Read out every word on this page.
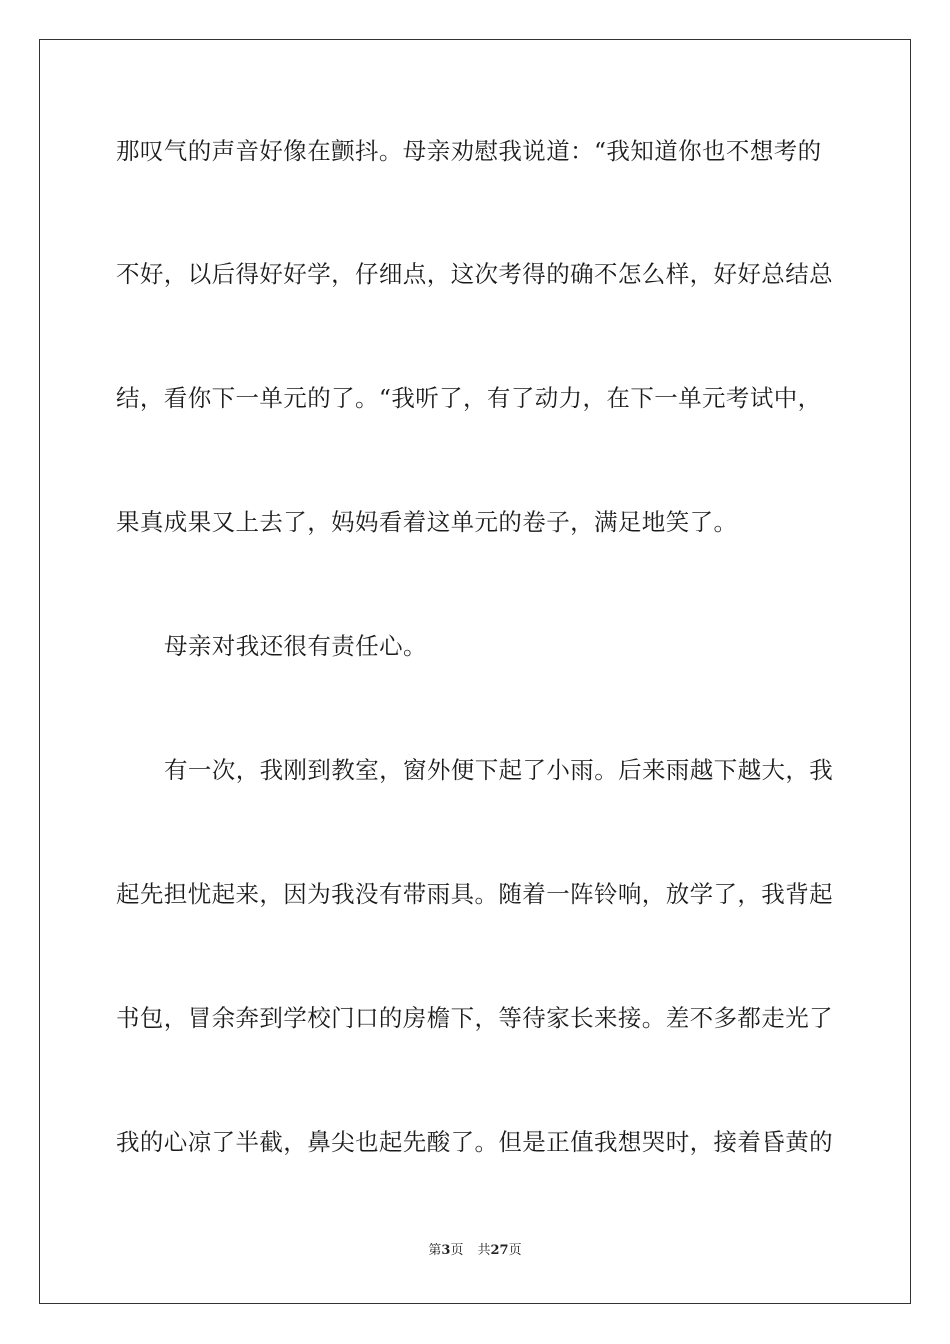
那叹气的声音好像在颤抖。母亲劝慰我说道：“我知道你也不想考的
不好，以后得好好学，仔细点，这次考得的确不怎么样，好好总结总
结，看你下一单元的了。“我听了，有了动力，在下一单元考试中，
果真成果又上去了，妈妈看着这单元的卷子，满足地笑了。
母亲对我还很有责任心。
有一次，我刚到教室，窗外便下起了小雨。后来雨越下越大，我
起先担忧起来，因为我没有带雨具。随着一阵铃响，放学了，我背起
书包，冒余奔到学校门口的房檐下，等待家长来接。差不多都走光了
我的心凉了半截，鼻尖也起先酸了。但是正值我想哭时，接着昏黄的
第3页 共27页
